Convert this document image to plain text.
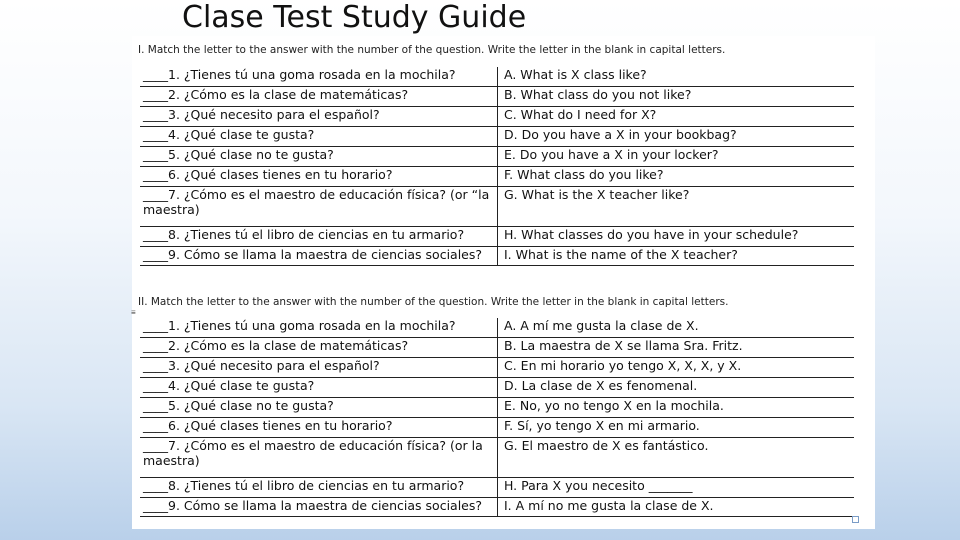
Clase Test Study Guide
I. Match the letter to the answer with the number of the question. Write the letter in the blank in capital letters.
____1. ¿Tienes tú una goma rosada en la mochila?	A. What is X class like?
____2. ¿Cómo es la clase de matemáticas?	B. What class do you not like?
____3. ¿Qué necesito para el español?	C. What do I need for X?
____4. ¿Qué clase te gusta?	D. Do you have a X in your bookbag?
____5. ¿Qué clase no te gusta?	E. Do you have a X in your locker?
____6. ¿Qué clases tienes en tu horario?	F. What class do you like?
____7. ¿Cómo es el maestro de educación física? (or “la maestra)	G. What is the X teacher like?
____8. ¿Tienes tú el libro de ciencias en tu armario?	H. What classes do you have in your schedule?
____9. Cómo se llama la maestra de ciencias sociales?	I. What is the name of the X teacher?
≡
II. Match the letter to the answer with the number of the question. Write the letter in the blank in capital letters.
____1. ¿Tienes tú una goma rosada en la mochila?	A. A mí me gusta la clase de X.
____2. ¿Cómo es la clase de matemáticas?	B. La maestra de X se llama Sra. Fritz.
____3. ¿Qué necesito para el español?	C. En mi horario yo tengo X, X, X, y X.
____4. ¿Qué clase te gusta?	D. La clase de X es fenomenal.
____5. ¿Qué clase no te gusta?	E. No, yo no tengo X en la mochila.
____6. ¿Qué clases tienes en tu horario?	F. Sí, yo tengo X en mi armario.
____7. ¿Cómo es el maestro de educación física? (or la maestra)	G. El maestro de X es fantástico.
____8. ¿Tienes tú el libro de ciencias en tu armario?	H. Para X you necesito _______
____9. Cómo se llama la maestra de ciencias sociales?	I. A mí no me gusta la clase de X.
